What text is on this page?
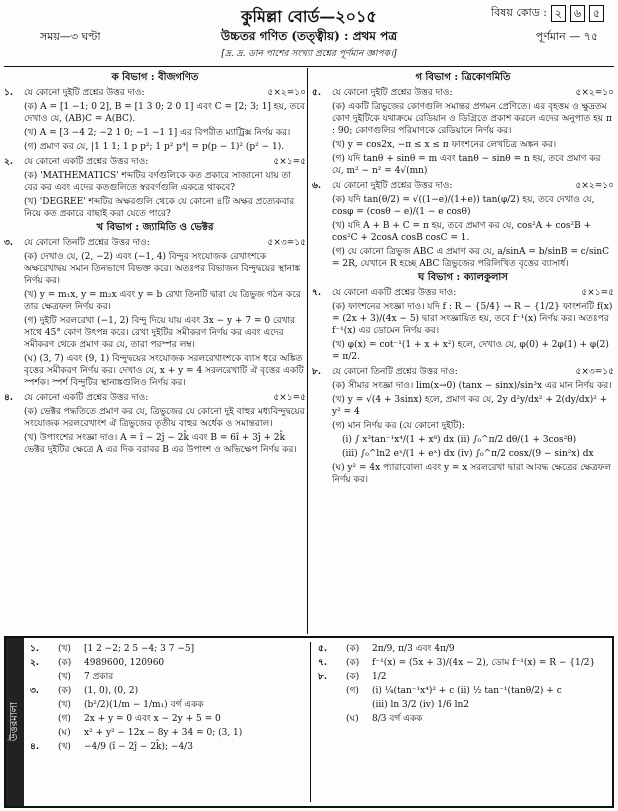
কুমিল্লা বোর্ড—২০১৫	বিষয় কোড : ২	৬	৫
সময়—৩ ঘণ্টা	উচ্চতর গণিত (তত্ত্বীয়) : প্রথম পত্র	পূর্ণমান — ৭৫
[দ্র. দ্র. ডান পাশের সংখ্যা প্রশ্নের পূর্ণমান জ্ঞাপক।]
ক বিভাগ : বীজগণিত
১.	যে কোনো দুইটি প্রশ্নের উত্তর দাও:	৫×২=১০
(ক) A = [1 −1; 0 2], B = [1 3 0; 2 0 1] এবং C = [2; 3; 1] হয়, তবে দেখাও যে, (AB)C = A(BC).
(খ) A = [3 −4 2; −2 1 0; −1 −1 1] এর বিপরীত ম্যাট্রিক্স নির্ণয় কর।
(গ) প্রমাণ কর যে, |1 1 1; 1 p p²; 1 p² p⁴| = p(p − 1)² (p² − 1).
২.	যে কোনো একটি প্রশ্নের উত্তর দাও:	৫×১=৫
(ক) 'MATHEMATICS' শব্দটির বর্ণগুলিকে কত প্রকারে সাজানো যায় তা বের কর এবং এদের কতগুলিতে স্বরবর্ণগুলি একত্রে থাকবে?
(খ) 'DEGREE' শব্দটির অক্ষরগুলি থেকে যে কোনো ৪টি অক্ষর প্রত্যেকবার নিয়ে কত প্রকারে বাছাই করা যেতে পারে?
খ বিভাগ : জ্যামিতি ও ভেক্টর
৩.	যে কোনো তিনটি প্রশ্নের উত্তর দাও:	৫×৩=১৫
(ক) দেখাও যে, (2, −2) এবং (−1, 4) বিন্দুর সংযোজক রেখাংশকে অক্ষরেখাদ্বয় সমান তিনভাগে বিভক্ত করে। অতঃপর বিভাজন বিন্দুদ্বয়ের স্থানাঙ্ক নির্ণয় কর।
(খ) y = m₁x, y = m₂x এবং y = b রেখা তিনটি দ্বারা যে ত্রিভুজ গঠন করে তার ক্ষেত্রফল নির্ণয় কর।
(গ) দুইটি সরলরেখা (−1, 2) বিন্দু দিয়ে যায় এবং 3x − y + 7 = 0 রেখার সাথে 45° কোণ উৎপন্ন করে। রেখা দুইটির সমীকরণ নির্ণয় কর এবং এদের সমীকরণ থেকে প্রমাণ কর যে, তারা পরস্পর লম্ব।
(ঘ) (3, 7) এবং (9, 1) বিন্দুদ্বয়ের সংযোজক সরলরেখাংশকে ব্যাস ধরে অঙ্কিত বৃত্তের সমীকরণ নির্ণয় কর। দেখাও যে, x + y = 4 সরলরেখাটি ঐ বৃত্তের একটি স্পর্শক। স্পর্শ বিন্দুটির স্থানাঙ্কগুলিও নির্ণয় কর।
৪.	যে কোনো একটি প্রশ্নের উত্তর দাও:	৫×১=৫
(ক) ভেক্টর পদ্ধতিতে প্রমাণ কর যে, ত্রিভুজের যে কোনো দুই বাহুর মধ্যবিন্দুদ্বয়ের সংযোজক সরলরেখাংশ ঐ ত্রিভুজের তৃতীয় বাহুর অর্ধেক ও সমান্তরাল।
(খ) উপাংশের সংজ্ঞা দাও। A = î − 2ĵ − 2k̂ এবং B = 6î + 3ĵ + 2k̂ ভেক্টর দুইটির ক্ষেত্রে A এর দিক বরাবর B এর উপাংশ ও অভিক্ষেপ নির্ণয় কর।
গ বিভাগ : ত্রিকোণমিতি
৫.	যে কোনো দুইটি প্রশ্নের উত্তর দাও:	৫×২=১০
(ক) একটি ত্রিভুজের কোণগুলি সমান্তর প্রগমন প্রেণিতে। এর বৃহত্তম ও ক্ষুদ্রতম কোণ দুইটিকে যথাক্রমে রেডিয়ান ও ডিগ্রিতে প্রকাশ করলে এদের অনুপাত হয় π : 90; কোণগুলির পরিমাণকে রেডিয়ানে নির্ণয় কর।
(খ) y = cos2x, −π ≤ x ≤ π ফাংশনের লেখচিত্র অঙ্কন কর।
(গ) যদি tanθ + sinθ = m এবং tanθ − sinθ = n হয়, তবে প্রমাণ কর যে, m² − n² = 4√(mn)
৬.	যে কোনো দুইটি প্রশ্নের উত্তর দাও:	৫×২=১০
(ক) যদি tan(θ/2) = √((1−e)/(1+e)) tan(φ/2) হয়, তবে দেখাও যে, cosφ = (cosθ − e)/(1 − e cosθ)
(খ) যদি A + B + C = π হয়, তবে প্রমাণ কর যে, cos²A + cos²B + cos²C + 2cosA cosB cosC = 1.
(গ) যে কোনো ত্রিভুজ ABC এ প্রমাণ কর যে, a/sinA = b/sinB = c/sinC = 2R, যেখানে R হচ্ছে ABC ত্রিভুজের পরিলিখিত বৃত্তের ব্যাসার্ধ।
ঘ বিভাগ : ক্যালকুলাস
৭.	যে কোনো একটি প্রশ্নের উত্তর দাও:	৫×১=৫
(ক) ফাংশনের সংজ্ঞা দাও। যদি f : R − {5/4} → R − {1/2} ফাংশনটি f(x) = (2x + 3)/(4x − 5) দ্বারা সংজ্ঞায়িত হয়, তবে f⁻¹(x) নির্ণয় কর। অতঃপর f⁻¹(x) এর ডোমেন নির্ণয় কর।
(খ) φ(x) = cot⁻¹(1 + x + x²) হলে, দেখাও যে, φ(0) + 2φ(1) + φ(2) = π/2.
৮.	যে কোনো তিনটি প্রশ্নের উত্তর দাও:	৫×৩=১৫
(ক) সীমার সংজ্ঞা দাও। lim(x→0) (tanx − sinx)/sin³x এর মান নির্ণয় কর।
(খ) y = √(4 + 3sinx) হলে, প্রমাণ কর যে, 2y d²y/dx² + 2(dy/dx)² + y² = 4
(গ) মান নির্ণয় কর (যে কোনো দুইটি):
(i) ∫ x³tan⁻¹x⁴/(1 + x⁸) dx (ii) ∫₀^π/2 dθ/(1 + 3cos²θ)
(iii) ∫₀^ln2 eˣ/(1 + eˣ) dx (iv) ∫₀^π/2 cosx/(9 − sin²x) dx
(ঘ) y² = 4x প্যারাবোলা এবং y = x সরলরেখা দ্বারা আবদ্ধ ক্ষেত্রের ক্ষেত্রফল নির্ণয় কর।
উত্তরমালা
১.	(খ)	[1 2 −2; 2 5 −4; 3 7 −5]
২.	(ক)	4989600, 120960
(খ)	7 প্রকার
৩.	(ক)	(1, 0), (0, 2)
(খ)	(b²/2)(1/m − 1/m₁) বর্গ একক
(গ)	2x + y = 0 এবং x − 2y + 5 = 0
(ঘ)	x² + y² − 12x − 8y + 34 = 0; (3, 1)
৪.	(খ)	−4/9 (î − 2ĵ − 2k̂); −4/3
৫.	(ক)	2π/9, π/3 এবং 4π/9
৭.	(ক)	f⁻¹(x) = (5x + 3)/(4x − 2), ডোম f⁻¹(x) = R − {1/2}
৮.	(ক)	1/2
(গ)	(i) ¼(tan⁻¹x⁴)² + c (ii) ½ tan⁻¹(tanθ/2) + c
(iii) ln 3/2 (iv) 1/6 ln2
(ঘ)	8/3 বর্গ একক
